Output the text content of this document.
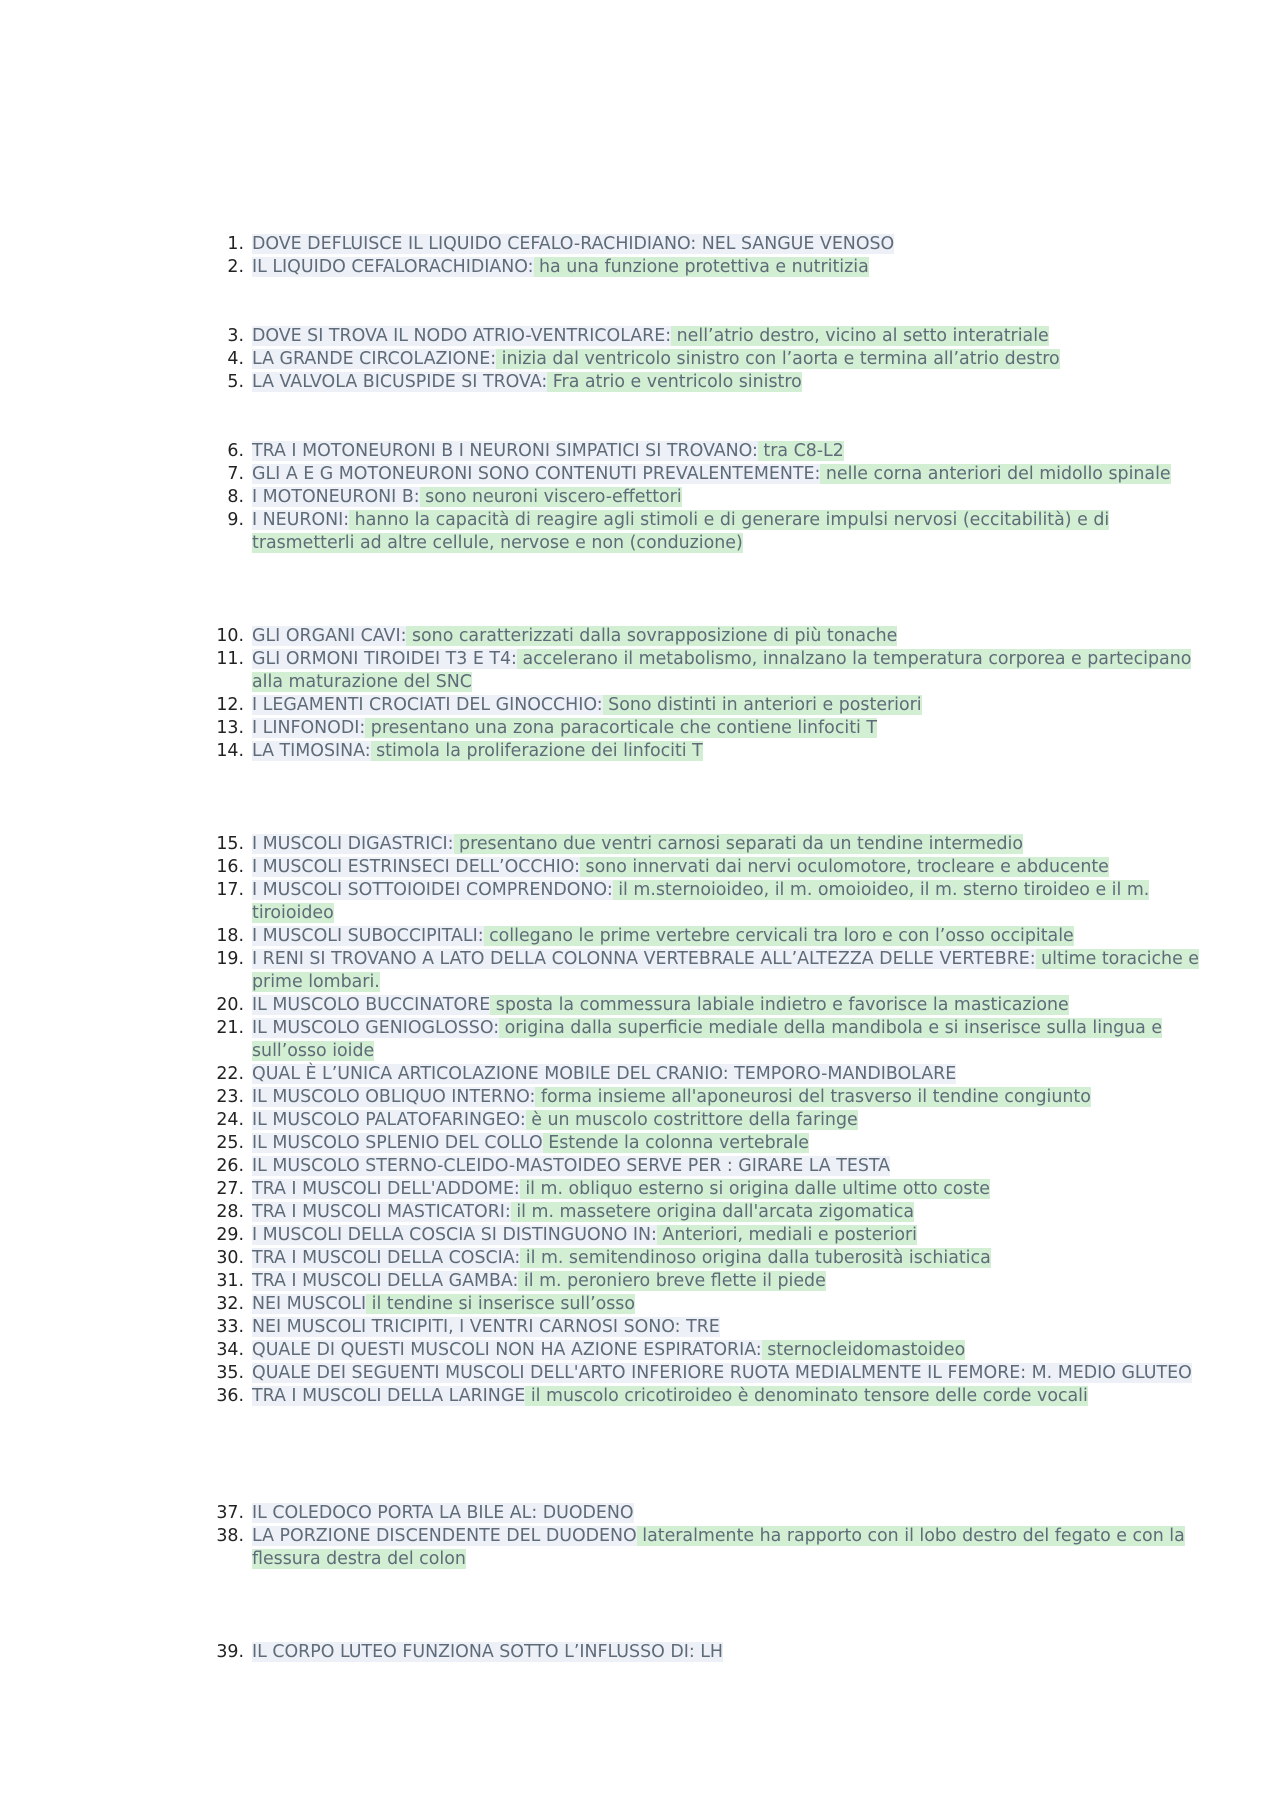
1. DOVE DEFLUISCE IL LIQUIDO CEFALO-RACHIDIANO: NEL SANGUE VENOSO
2. IL LIQUIDO CEFALORACHIDIANO: ha una funzione protettiva e nutritizia
3. DOVE SI TROVA IL NODO ATRIO-VENTRICOLARE: nell’atrio destro, vicino al setto interatriale
4. LA GRANDE CIRCOLAZIONE: inizia dal ventricolo sinistro con l’aorta e termina all’atrio destro
5. LA VALVOLA BICUSPIDE SI TROVA: Fra atrio e ventricolo sinistro
6. TRA I MOTONEURONI B I NEURONI SIMPATICI SI TROVANO: tra C8-L2
7. GLI A E G MOTONEURONI SONO CONTENUTI PREVALENTEMENTE: nelle corna anteriori del midollo spinale
8. I MOTONEURONI B: sono neuroni viscero-effettori
9. I NEURONI: hanno la capacità di reagire agli stimoli e di generare impulsi nervosi (eccitabilità) e di trasmetterli ad altre cellule, nervose e non (conduzione)
10. GLI ORGANI CAVI: sono caratterizzati dalla sovrapposizione di più tonache
11. GLI ORMONI TIROIDEI T3 E T4: accelerano il metabolismo, innalzano la temperatura corporea e partecipano alla maturazione del SNC
12. I LEGAMENTI CROCIATI DEL GINOCCHIO: Sono distinti in anteriori e posteriori
13. I LINFONODI: presentano una zona paracorticale che contiene linfociti T
14. LA TIMOSINA: stimola la proliferazione dei linfociti T
15. I MUSCOLI DIGASTRICI: presentano due ventri carnosi separati da un tendine intermedio
16. I MUSCOLI ESTRINSECI DELL’OCCHIO: sono innervati dai nervi oculomotore, trocleare e abducente
17. I MUSCOLI SOTTOIOIDEI COMPRENDONO: il m.sternoioideo, il m. omoioideo, il m. sterno tiroideo e il m. tiroioideo
18. I MUSCOLI SUBOCCIPITALI: collegano le prime vertebre cervicali tra loro e con l’osso occipitale
19. I RENI SI TROVANO A LATO DELLA COLONNA VERTEBRALE ALL’ALTEZZA DELLE VERTEBRE: ultime toraciche e prime lombari.
20. IL MUSCOLO BUCCINATORE sposta la commessura labiale indietro e favorisce la masticazione
21. IL MUSCOLO GENIOGLOSSO: origina dalla superficie mediale della mandibola e si inserisce sulla lingua e sull’osso ioide
22. QUAL È L’UNICA ARTICOLAZIONE MOBILE DEL CRANIO: TEMPORO-MANDIBOLARE
23. IL MUSCOLO OBLIQUO INTERNO: forma insieme all'aponeurosi del trasverso il tendine congiunto
24. IL MUSCOLO PALATOFARINGEO: è un muscolo costrittore della faringe
25. IL MUSCOLO SPLENIO DEL COLLO Estende la colonna vertebrale
26. IL MUSCOLO STERNO-CLEIDO-MASTOIDEO SERVE PER : GIRARE LA TESTA
27. TRA I MUSCOLI DELL'ADDOME: il m. obliquo esterno si origina dalle ultime otto coste
28. TRA I MUSCOLI MASTICATORI: il m. massetere origina dall'arcata zigomatica
29. I MUSCOLI DELLA COSCIA SI DISTINGUONO IN: Anteriori, mediali e posteriori
30. TRA I MUSCOLI DELLA COSCIA: il m. semitendinoso origina dalla tuberosità ischiatica
31. TRA I MUSCOLI DELLA GAMBA: il m. peroniero breve flette il piede
32. NEI MUSCOLI il tendine si inserisce sull’osso
33. NEI MUSCOLI TRICIPITI, I VENTRI CARNOSI SONO: TRE
34. QUALE DI QUESTI MUSCOLI NON HA AZIONE ESPIRATORIA: sternocleidomastoideo
35. QUALE DEI SEGUENTI MUSCOLI DELL'ARTO INFERIORE RUOTA MEDIALMENTE IL FEMORE: M. MEDIO GLUTEO
36. TRA I MUSCOLI DELLA LARINGE il muscolo cricotiroideo è denominato tensore delle corde vocali
37. IL COLEDOCO PORTA LA BILE AL: DUODENO
38. LA PORZIONE DISCENDENTE DEL DUODENO lateralmente ha rapporto con il lobo destro del fegato e con la flessura destra del colon
39. IL CORPO LUTEO FUNZIONA SOTTO L’INFLUSSO DI: LH
